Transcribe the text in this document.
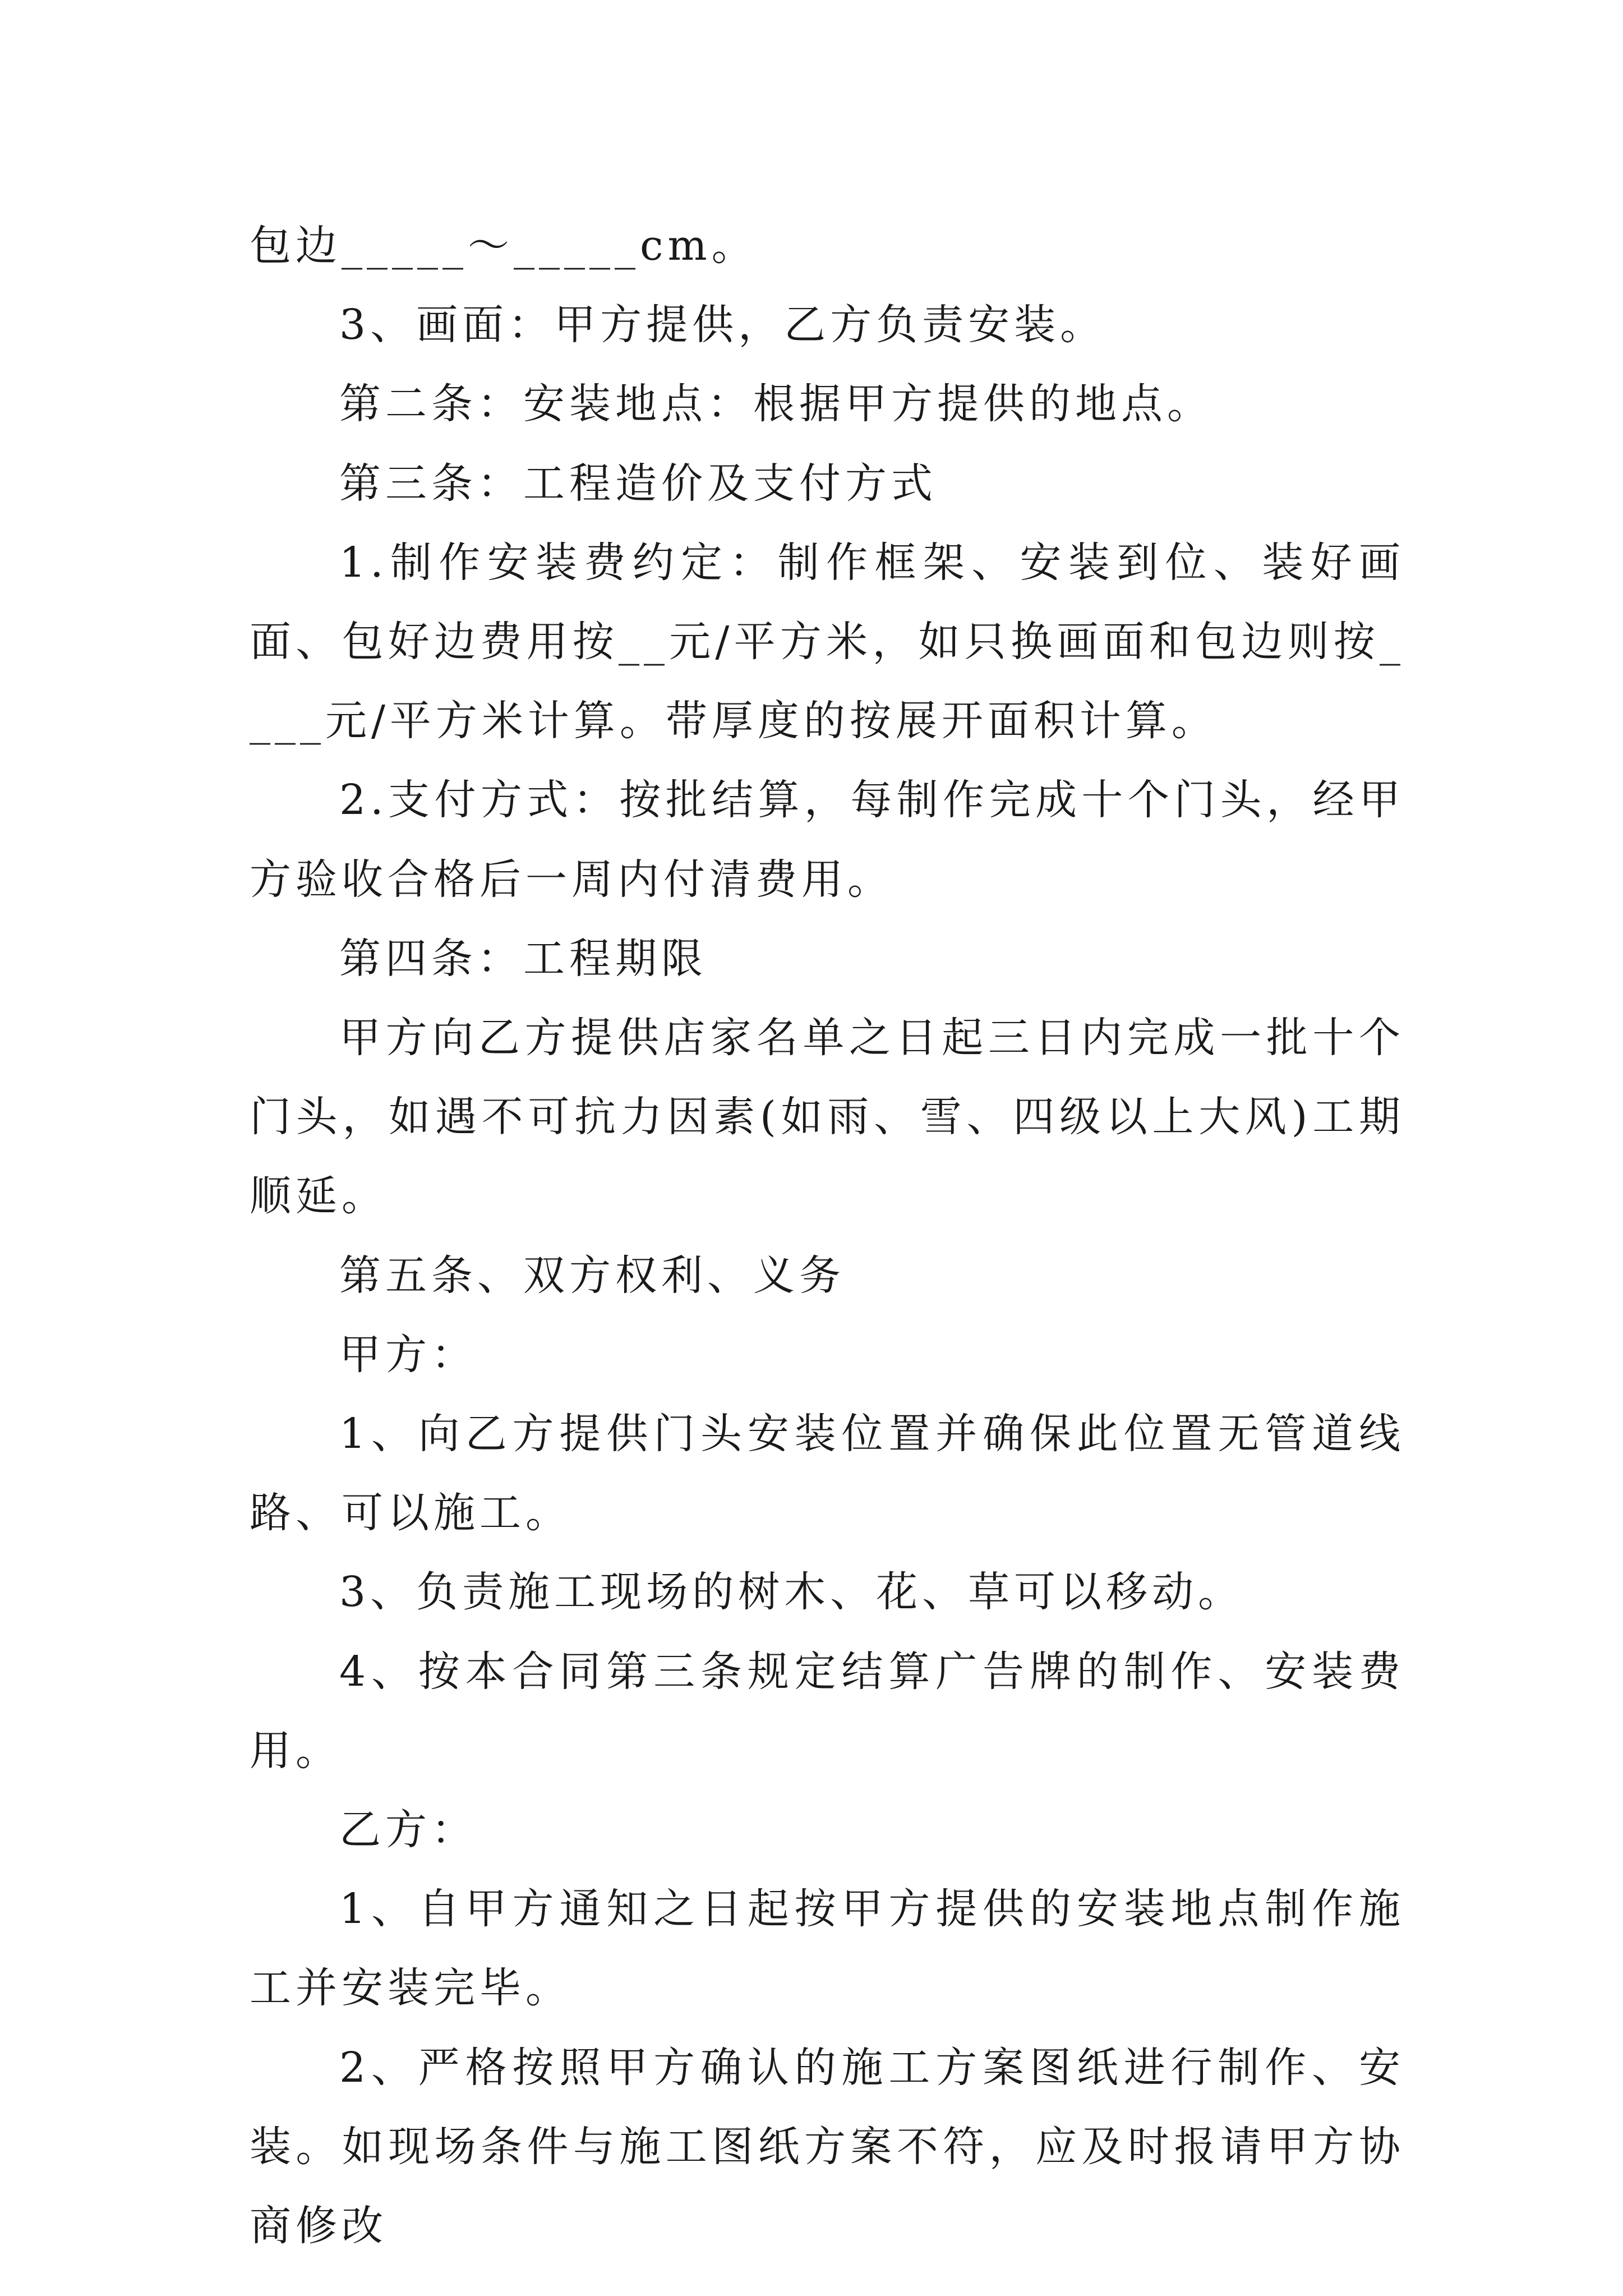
包边_____～_____cm。

3、画面：甲方提供，乙方负责安装。

第二条：安装地点：根据甲方提供的地点。

第三条：工程造价及支付方式

1.制作安装费约定：制作框架、安装到位、装好画面、包好边费用按__元/平方米，如只换画面和包边则按____元/平方米计算。带厚度的按展开面积计算。

2.支付方式：按批结算，每制作完成十个门头，经甲方验收合格后一周内付清费用。

第四条：工程期限

甲方向乙方提供店家名单之日起三日内完成一批十个门头，如遇不可抗力因素(如雨、雪、四级以上大风)工期顺延。

第五条、双方权利、义务

甲方：

1、向乙方提供门头安装位置并确保此位置无管道线路、可以施工。

3、负责施工现场的树木、花、草可以移动。

4、按本合同第三条规定结算广告牌的制作、安装费用。

乙方：

1、自甲方通知之日起按甲方提供的安装地点制作施工并安装完毕。

2、严格按照甲方确认的施工方案图纸进行制作、安装。如现场条件与施工图纸方案不符，应及时报请甲方协商修改
